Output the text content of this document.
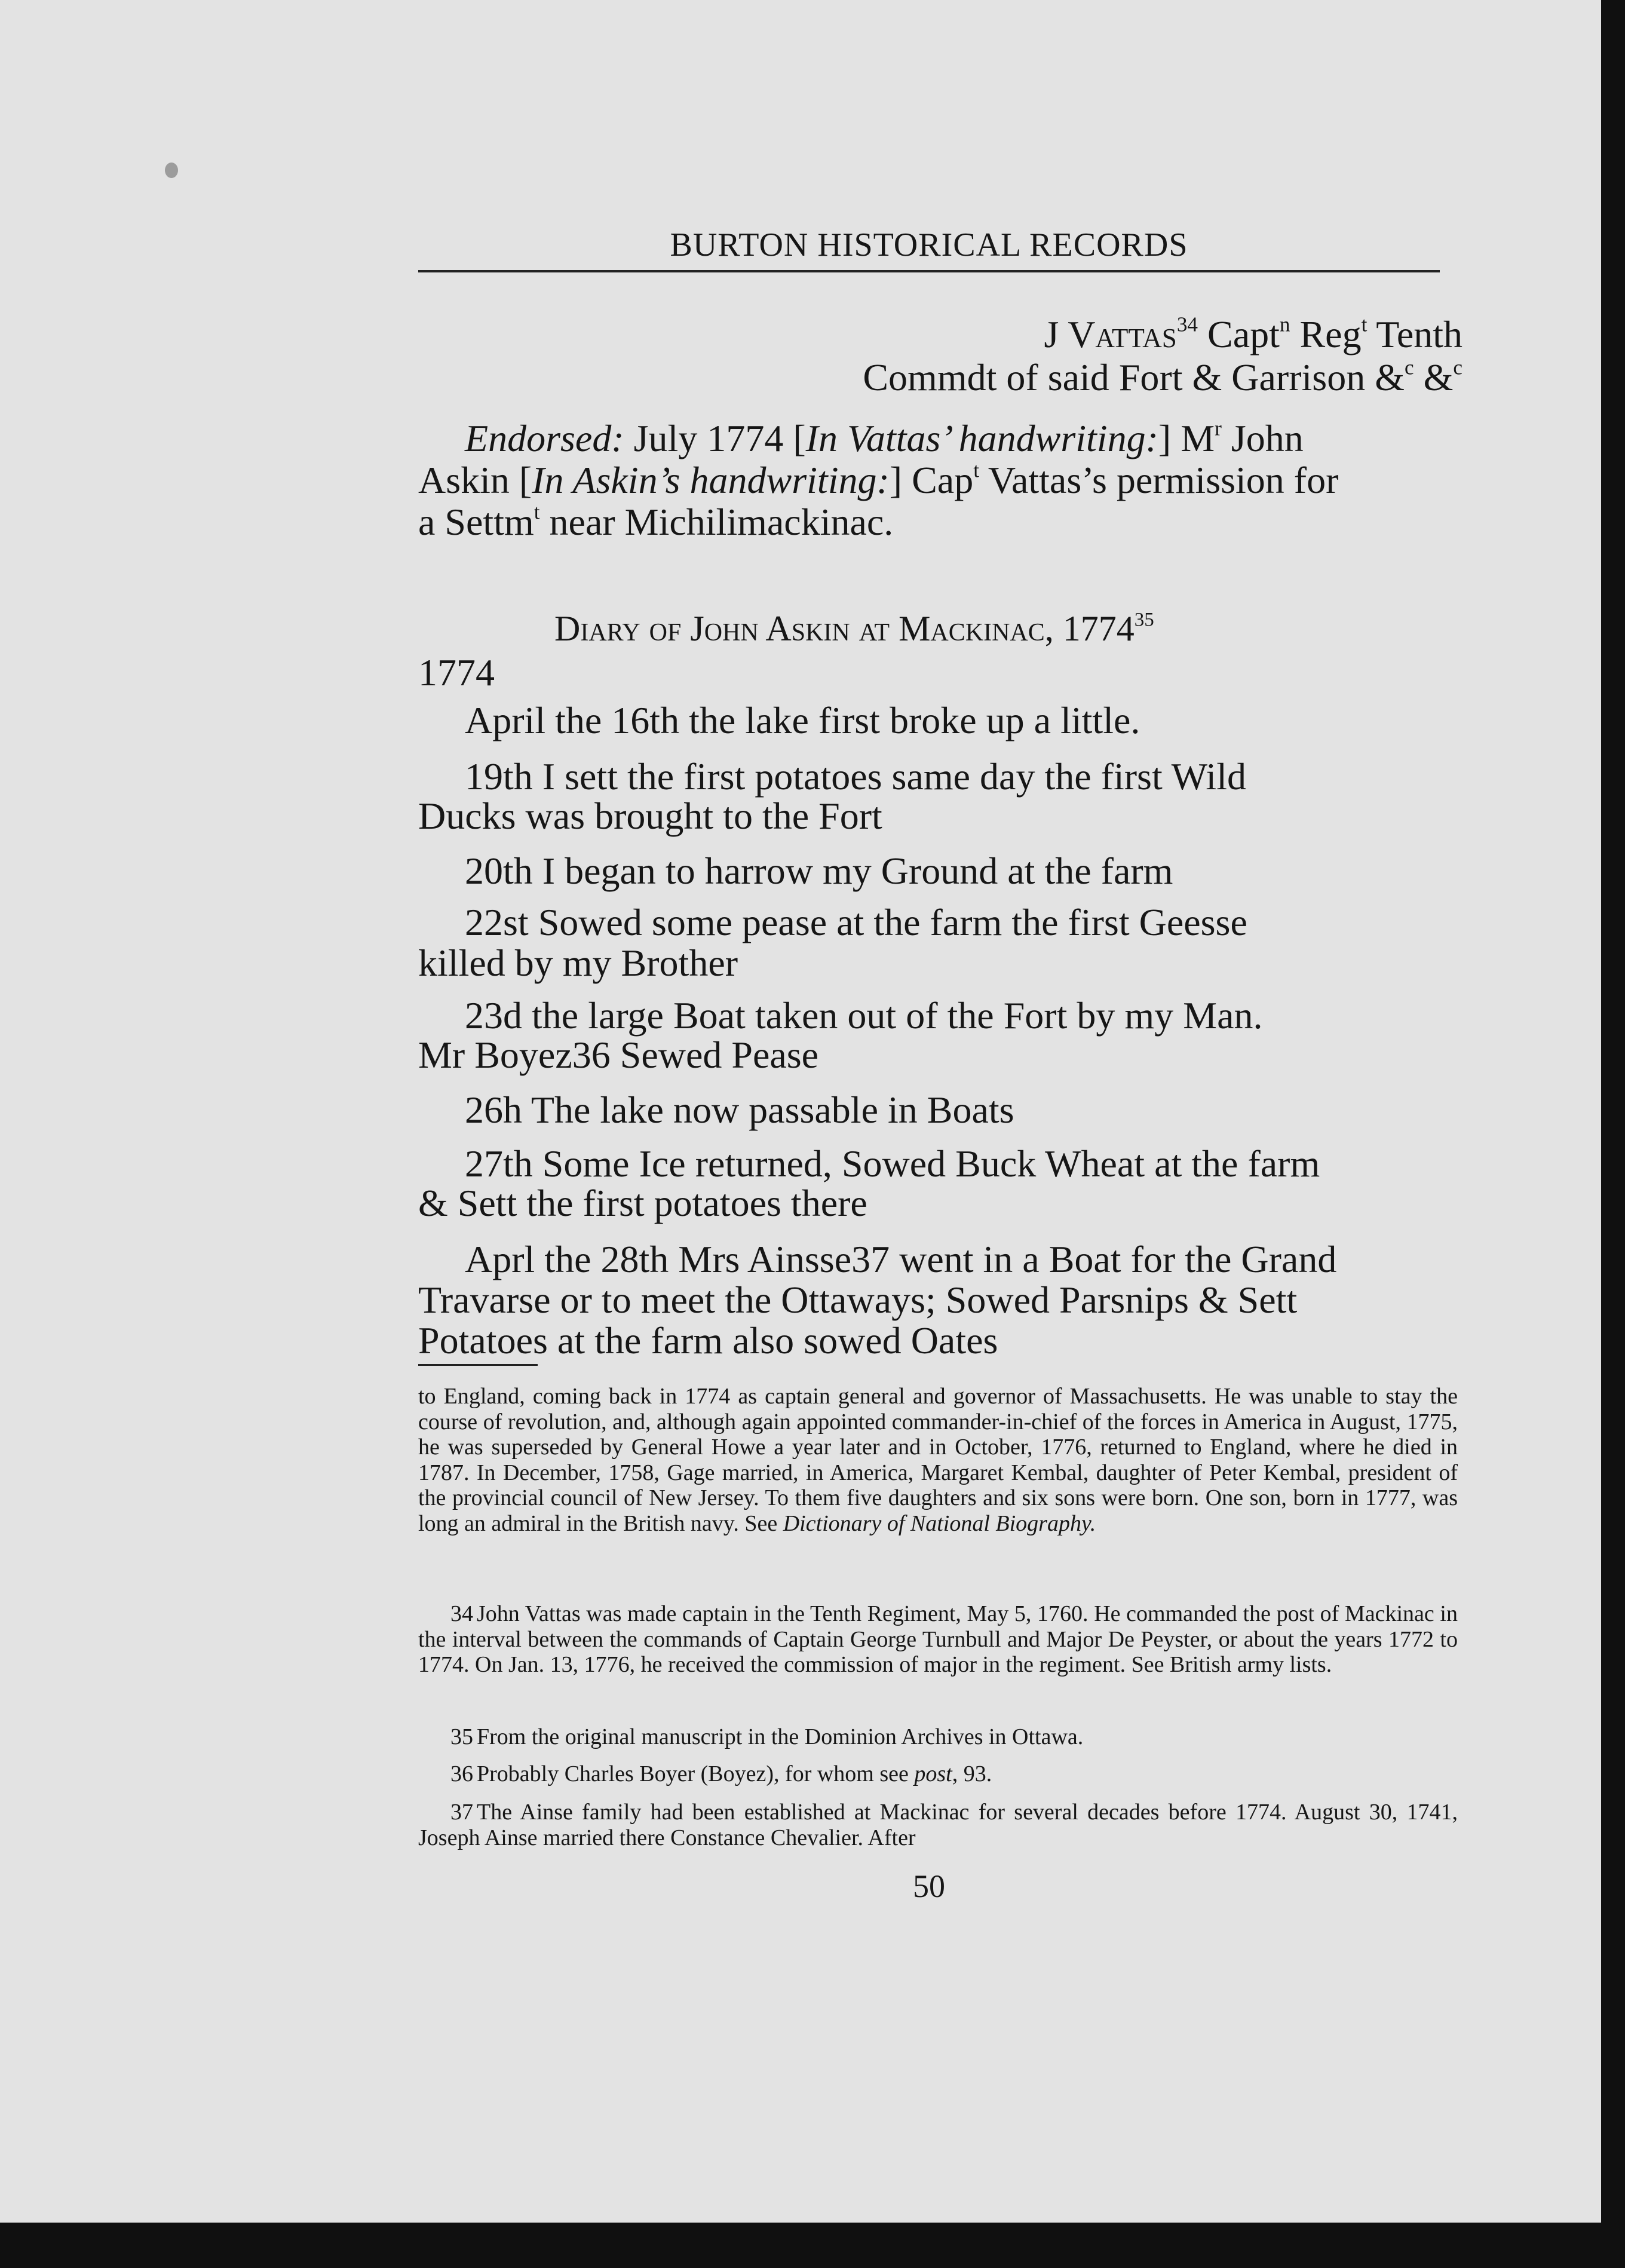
BURTON HISTORICAL RECORDS
J Vattas$^{34}$ Capt$^n$ Reg$^t$ Tenth
Commdt of said Fort & Garrison &$^c$ &$^c$
Endorsed: July 1774 [In Vattas’ handwriting:] $M^r$ John
Askin [In Askin’s handwriting:] Cap$^t$ Vattas’s permission for
a Settm$^t$ near Michilimackinac.
Diary of John Askin at Mackinac, 1774$^{35}$
1774
April the 16th the lake first broke up a little.
19th I sett the first potatoes same day the first Wild
Ducks was brought to the Fort
20th I began to harrow my Ground at the farm
22st Sowed some pease at the farm the first Geesse
killed by my Brother
23d the large Boat taken out of the Fort by my Man.
Mr Boyez36 Sewed Pease
26h The lake now passable in Boats
27th Some Ice returned, Sowed Buck Wheat at the farm
& Sett the first potatoes there
Aprl the 28th Mrs Ainsse37 went in a Boat for the Grand
Travarse or to meet the Ottaways; Sowed Parsnips & Sett
Potatoes at the farm also sowed Oates
to England, coming back in 1774 as captain general and governor of Massachusetts. He was unable to stay the course of revolution, and, although again appointed commander-in-chief of the forces in America in August, 1775, he was superseded by General Howe a year later and in October, 1776, returned to England, where he died in 1787. In December, 1758, Gage married, in America, Margaret Kembal, daughter of Peter Kembal, president of the provincial council of New Jersey. To them five daughters and six sons were born. One son, born in 1777, was long an admiral in the British navy. See Dictionary of National Biography.
34 John Vattas was made captain in the Tenth Regiment, May 5, 1760. He commanded the post of Mackinac in the interval between the commands of Captain George Turnbull and Major De Peyster, or about the years 1772 to 1774. On Jan. 13, 1776, he received the commission of major in the regiment. See British army lists.
35 From the original manuscript in the Dominion Archives in Ottawa.
36 Probably Charles Boyer (Boyez), for whom see post, 93.
37 The Ainse family had been established at Mackinac for several decades before 1774. August 30, 1741, Joseph Ainse married there Constance Chevalier. After
50
